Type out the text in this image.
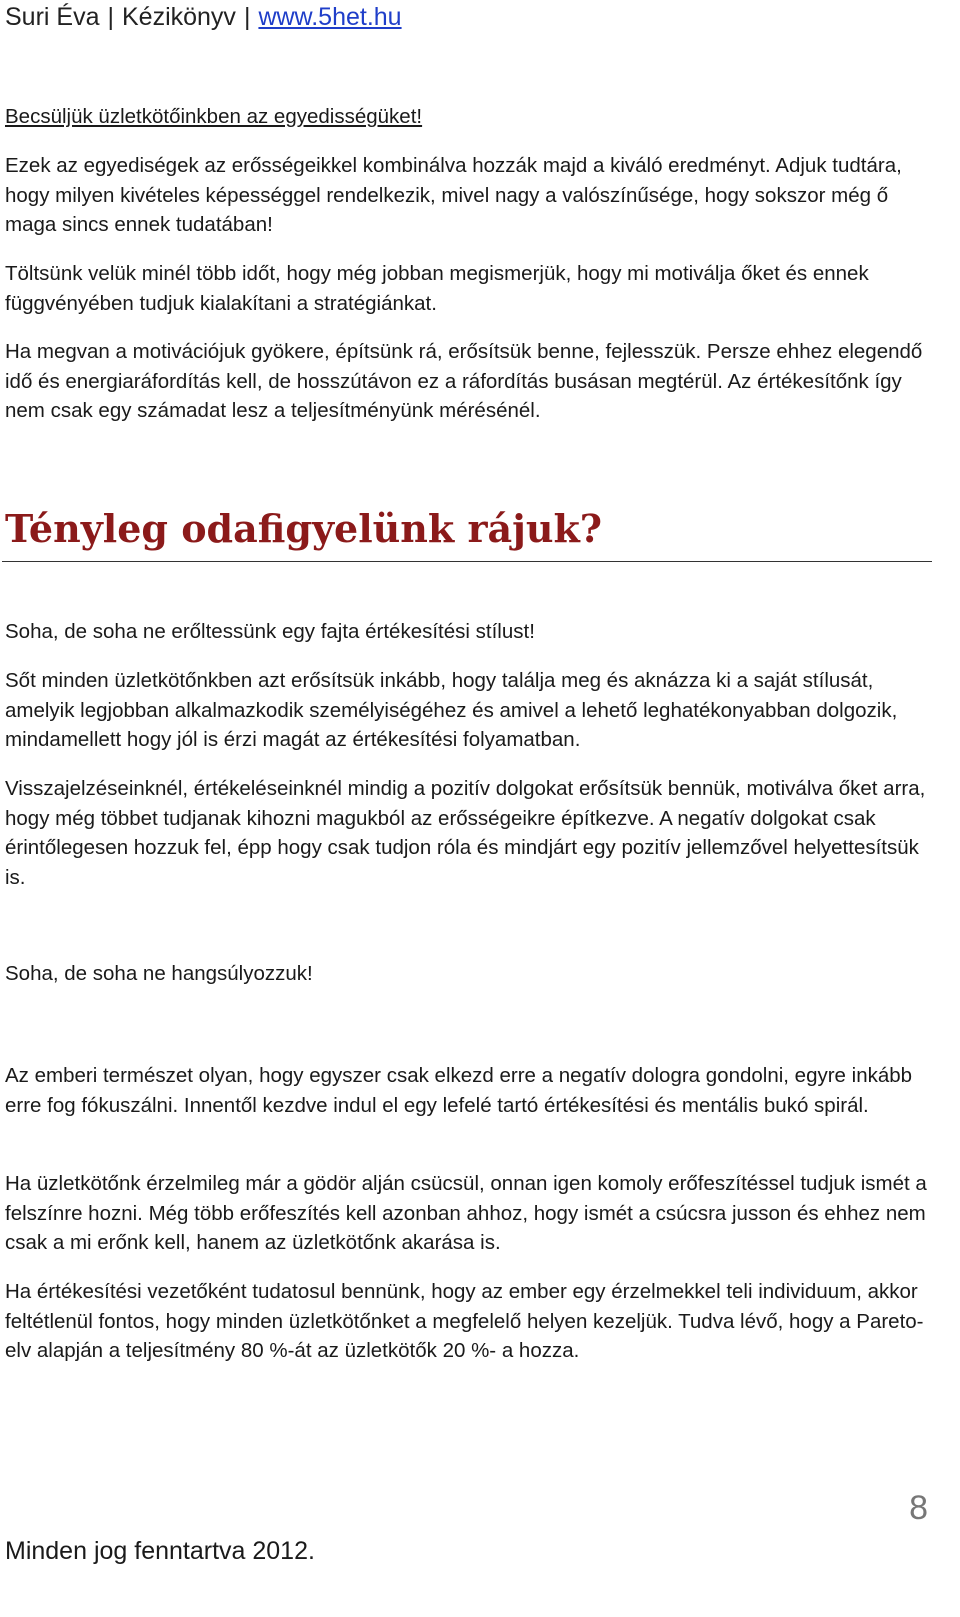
Suri Éva | Kézikönyv | www.5het.hu

Becsüljük üzletkötőinkben az egyedisségüket!

Ezek az egyediségek az erősségeikkel kombinálva hozzák majd a kiváló eredményt. Adjuk tudtára, hogy milyen kivételes képességgel rendelkezik, mivel nagy a valószínűsége, hogy sokszor még ő maga sincs ennek tudatában!

Töltsünk velük minél több időt, hogy még jobban megismerjük, hogy mi motiválja őket és ennek függvényében tudjuk kialakítani a stratégiánkat.

Ha megvan a motivációjuk gyökere, építsünk rá, erősítsük benne, fejlesszük. Persze ehhez elegendő idő és energiaráfordítás kell, de hosszútávon ez a ráfordítás busásan megtérül. Az értékesítőnk így nem csak egy számadat lesz a teljesítményünk mérésénél.

Tényleg odafigyelünk rájuk?

Soha, de soha ne erőltessünk egy fajta értékesítési stílust!

Sőt minden üzletkötőnkben azt erősítsük inkább, hogy találja meg és aknázza ki a saját stílusát, amelyik legjobban alkalmazkodik személyiségéhez és amivel a lehető leghatékonyabban dolgozik, mindamellett hogy jól is érzi magát az értékesítési folyamatban.

Visszajelzéseinknél, értékeléseinknél mindig a pozitív dolgokat erősítsük bennük, motiválva őket arra, hogy még többet tudjanak kihozni magukból az erősségeikre építkezve. A negatív dolgokat csak érintőlegesen hozzuk fel, épp hogy csak tudjon róla és mindjárt egy pozitív jellemzővel helyettesítsük is.

Soha, de soha ne hangsúlyozzuk!

Az emberi természet olyan, hogy egyszer csak elkezd erre a negatív dologra gondolni, egyre inkább erre fog fókuszálni. Innentől kezdve indul el egy lefelé tartó értékesítési és mentális bukó spirál.

Ha üzletkötőnk érzelmileg már a gödör alján csücsül, onnan igen komoly erőfeszítéssel tudjuk ismét a felszínre hozni. Még több erőfeszítés kell azonban ahhoz, hogy ismét a csúcsra jusson és ehhez nem csak a mi erőnk kell, hanem az üzletkötőnk akarása is.

Ha értékesítési vezetőként tudatosul bennünk, hogy az ember egy érzelmekkel teli individuum, akkor feltétlenül fontos, hogy minden üzletkötőnket a megfelelő helyen kezeljük. Tudva lévő, hogy a Pareto-elv alapján a teljesítmény 80 %-át az üzletkötők 20 %- a hozza.

8
Minden jog fenntartva 2012.
